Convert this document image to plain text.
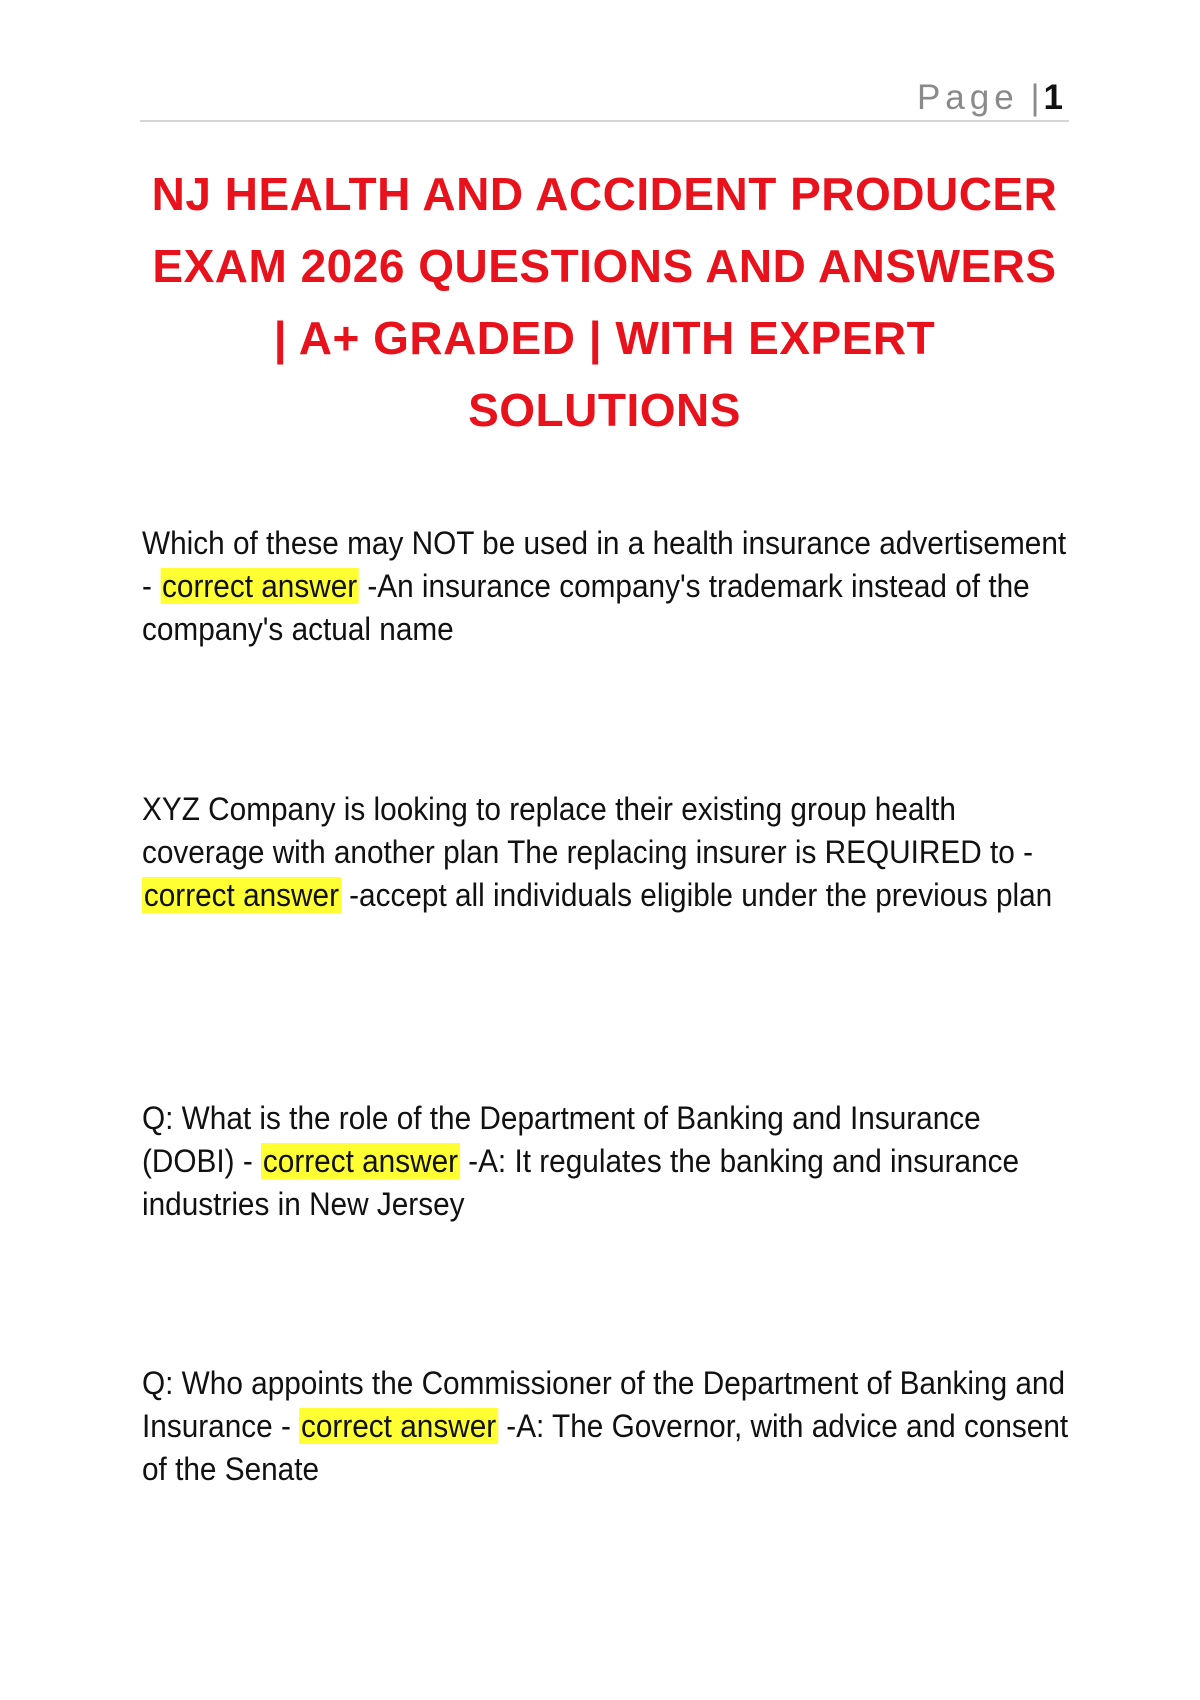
Page | 1
NJ HEALTH AND ACCIDENT PRODUCER EXAM 2026 QUESTIONS AND ANSWERS | A+ GRADED | WITH EXPERT SOLUTIONS

Which of these may NOT be used in a health insurance advertisement - correct answer -An insurance company's trademark instead of the company's actual name

XYZ Company is looking to replace their existing group health coverage with another plan The replacing insurer is REQUIRED to - correct answer -accept all individuals eligible under the previous plan

Q: What is the role of the Department of Banking and Insurance (DOBI) - correct answer -A: It regulates the banking and insurance industries in New Jersey

Q: Who appoints the Commissioner of the Department of Banking and Insurance - correct answer -A: The Governor, with advice and consent of the Senate
